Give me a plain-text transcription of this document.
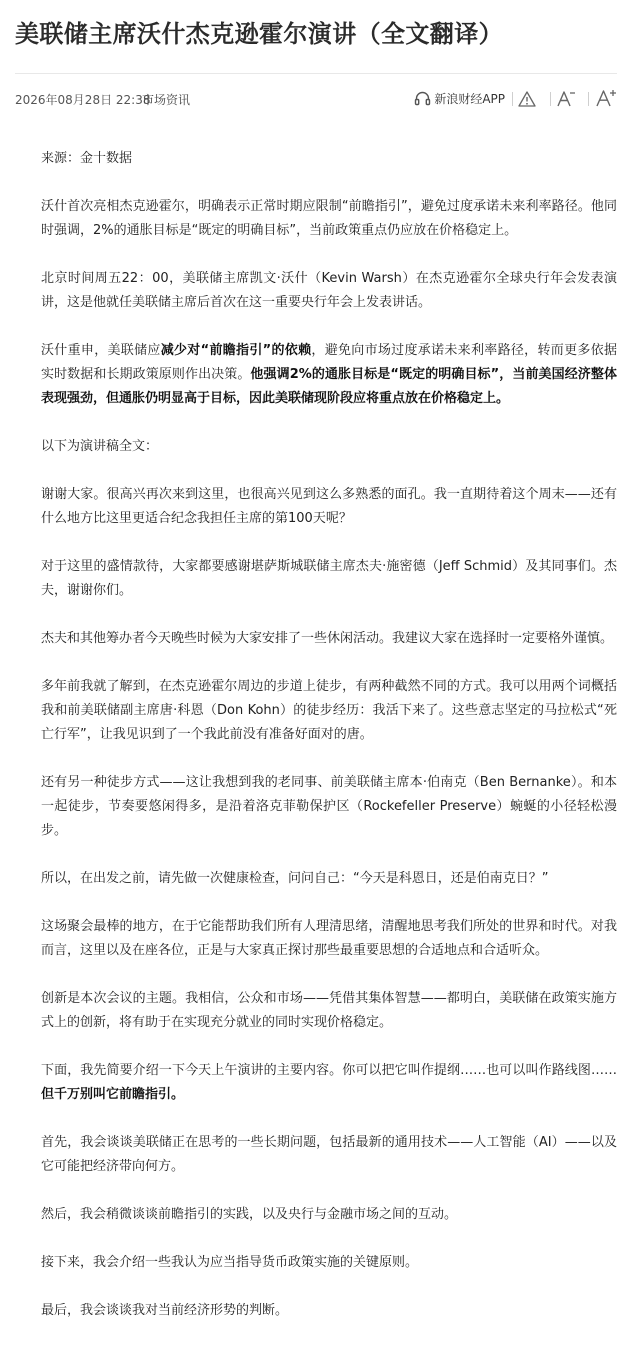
美联储主席沃什杰克逊霍尔演讲（全文翻译）
2026年08月28日 22:38
市场资讯	新浪财经APP

来源：金十数据

沃什首次亮相杰克逊霍尔，明确表示正常时期应限制“前瞻指引”，避免过度承诺未来利率路径。他同时强调，2%的通胀目标是“既定的明确目标”，当前政策重点仍应放在价格稳定上。

北京时间周五22：00，美联储主席凯文·沃什（Kevin Warsh）在杰克逊霍尔全球央行年会发表演讲，这是他就任美联储主席后首次在这一重要央行年会上发表讲话。

沃什重申，美联储应减少对“前瞻指引”的依赖，避免向市场过度承诺未来利率路径，转而更多依据实时数据和长期政策原则作出决策。他强调2%的通胀目标是“既定的明确目标”，当前美国经济整体表现强劲，但通胀仍明显高于目标，因此美联储现阶段应将重点放在价格稳定上。

以下为演讲稿全文：

谢谢大家。很高兴再次来到这里，也很高兴见到这么多熟悉的面孔。我一直期待着这个周末——还有什么地方比这里更适合纪念我担任主席的第100天呢？

对于这里的盛情款待，大家都要感谢堪萨斯城联储主席杰夫·施密德（Jeff Schmid）及其同事们。杰夫，谢谢你们。

杰夫和其他筹办者今天晚些时候为大家安排了一些休闲活动。我建议大家在选择时一定要格外谨慎。

多年前我就了解到，在杰克逊霍尔周边的步道上徒步，有两种截然不同的方式。我可以用两个词概括我和前美联储副主席唐·科恩（Don Kohn）的徒步经历：我活下来了。这些意志坚定的马拉松式“死亡行军”，让我见识到了一个我此前没有准备好面对的唐。

还有另一种徒步方式——这让我想到我的老同事、前美联储主席本·伯南克（Ben Bernanke）。和本一起徒步，节奏要悠闲得多，是沿着洛克菲勒保护区（Rockefeller Preserve）蜿蜒的小径轻松漫步。

所以，在出发之前，请先做一次健康检查，问问自己：“今天是科恩日，还是伯南克日？”

这场聚会最棒的地方，在于它能帮助我们所有人理清思绪，清醒地思考我们所处的世界和时代。对我而言，这里以及在座各位，正是与大家真正探讨那些最重要思想的合适地点和合适听众。

创新是本次会议的主题。我相信，公众和市场——凭借其集体智慧——都明白，美联储在政策实施方式上的创新，将有助于在实现充分就业的同时实现价格稳定。

下面，我先简要介绍一下今天上午演讲的主要内容。你可以把它叫作提纲……也可以叫作路线图……但千万别叫它前瞻指引。

首先，我会谈谈美联储正在思考的一些长期问题，包括最新的通用技术——人工智能（AI）——以及它可能把经济带向何方。

然后，我会稍微谈谈前瞻指引的实践，以及央行与金融市场之间的互动。

接下来，我会介绍一些我认为应当指导货币政策实施的关键原则。

最后，我会谈谈我对当前经济形势的判断。
